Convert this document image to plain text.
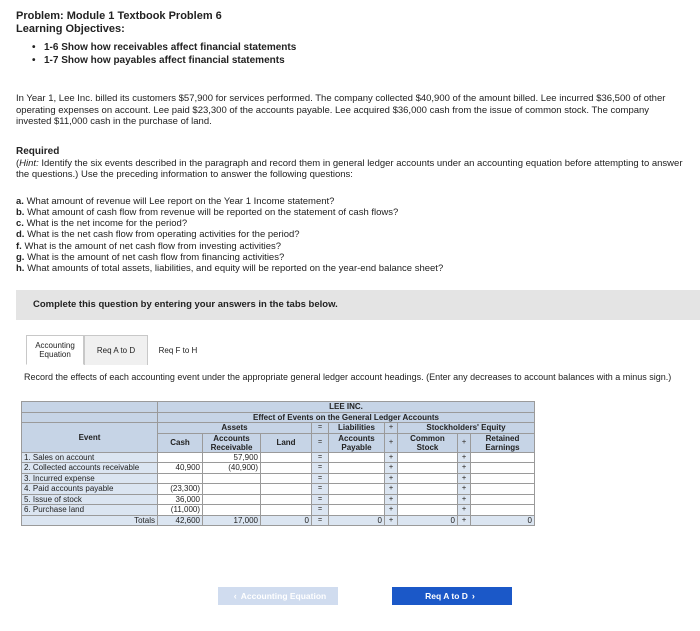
Problem: Module 1 Textbook Problem 6
Learning Objectives:
• 1-6 Show how receivables affect financial statements
• 1-7 Show how payables affect financial statements
In Year 1, Lee Inc. billed its customers $57,900 for services performed. The company collected $40,900 of the amount billed. Lee incurred $36,500 of other operating expenses on account. Lee paid $23,300 of the accounts payable. Lee acquired $36,000 cash from the issue of common stock. The company invested $11,000 cash in the purchase of land.
Required
(Hint: Identify the six events described in the paragraph and record them in general ledger accounts under an accounting equation before attempting to answer the questions.) Use the preceding information to answer the following questions:
a. What amount of revenue will Lee report on the Year 1 Income statement?
b. What amount of cash flow from revenue will be reported on the statement of cash flows?
c. What is the net income for the period?
d. What is the net cash flow from operating activities for the period?
f. What is the amount of net cash flow from investing activities?
g. What is the amount of net cash flow from financing activities?
h. What amounts of total assets, liabilities, and equity will be reported on the year-end balance sheet?
Complete this question by entering your answers in the tabs below.
Accounting Equation	Req A to D	Req F to H
Record the effects of each accounting event under the appropriate general ledger account headings. (Enter any decreases to account balances with a minus sign.)
	LEE INC.								
	Effect of Events on the General Ledger Accounts								
Event	Assets			=	Liabilities	+	Stockholders' Equity		
	Cash	Accounts Receivable	Land	=	Accounts Payable	+	Common Stock	+	Retained Earnings

1. Sales on account		57,900		=		+		+	
2. Collected accounts receivable	40,900	(40,900)		=		+		+	
3. Incurred expense				=		+		+	
4. Paid accounts payable	(23,300)			=		+		+	
5. Issue of stock	36,000			=		+		+	
6. Purchase land	(11,000)			=		+		+	
Totals	42,600	17,000	0	=	0	+	0	+	0
‹ Accounting Equation	Req A to D ›
